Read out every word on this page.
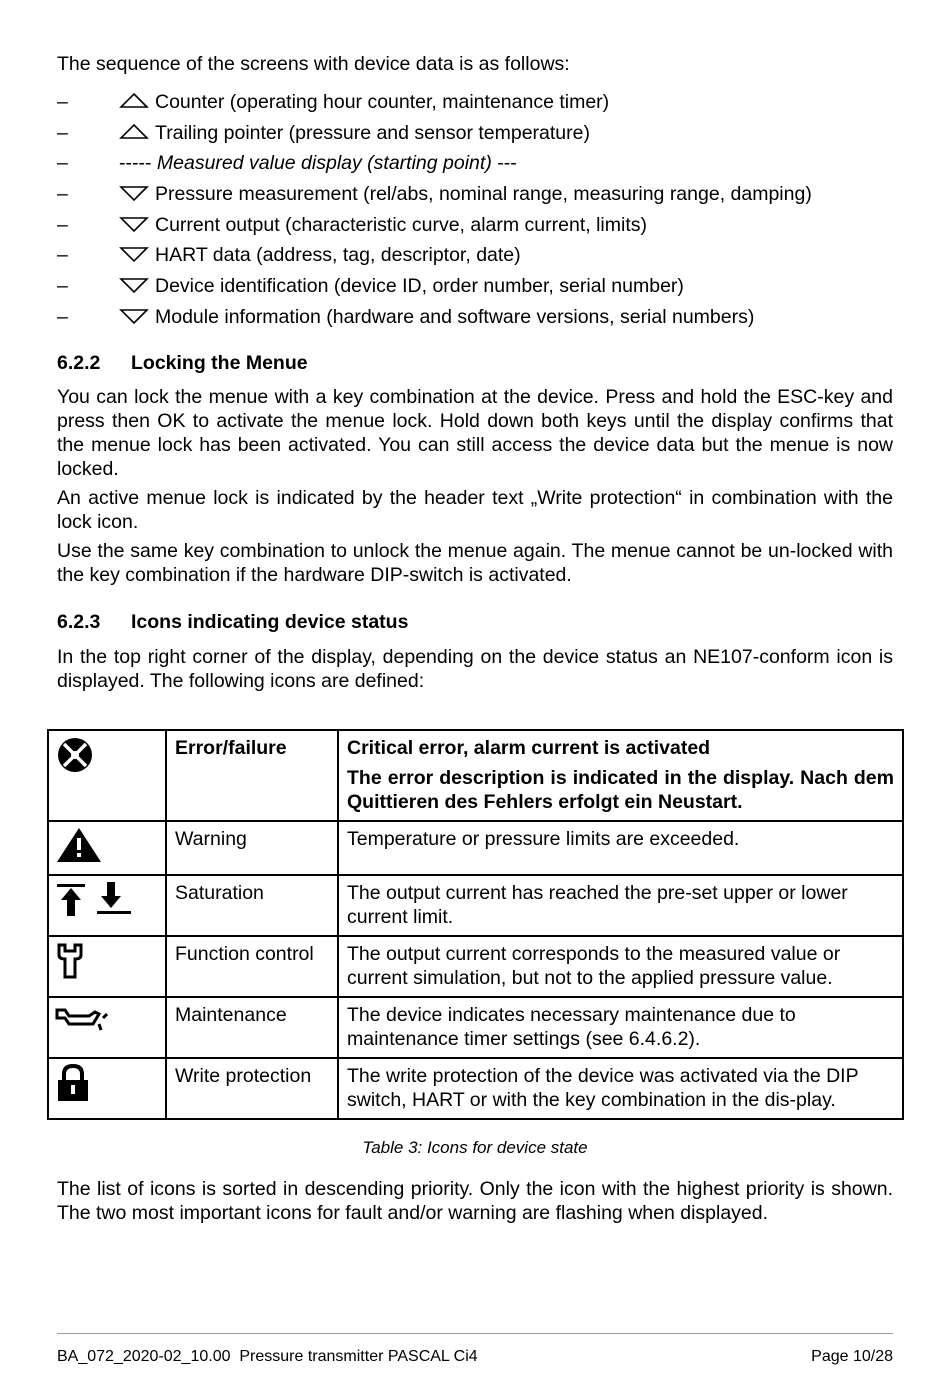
The sequence of the screens with device data is as follows:

–	Counter (operating hour counter, maintenance timer)
–	Trailing pointer (pressure and sensor temperature)
–	----- Measured value display (starting point) ---
–	Pressure measurement (rel/abs, nominal range, measuring range, damping)
–	Current output (characteristic curve, alarm current, limits)
–	HART data (address, tag, descriptor, date)
–	Device identification (device ID, order number, serial number)
–	Module information (hardware and software versions, serial numbers)
6.2.2 Locking the Menue

You can lock the menue with a key combination at the device. Press and hold the ESC-key and press then OK to activate the menue lock. Hold down both keys until the display confirms that the menue lock has been activated. You can still access the device data but the menue is now locked.

An active menue lock is indicated by the header text „Write protection“ in combination with the lock icon.

Use the same key combination to unlock the menue again. The menue cannot be un-locked with the key combination if the hardware DIP-switch is activated.

6.2.3 Icons indicating device status

In the top right corner of the display, depending on the device status an NE107-conform icon is displayed. The following icons are defined:

The list of icons is sorted in descending priority. Only the icon with the highest priority is shown. The two most important icons for fault and/or warning are flashing when displayed.

	Error/failure	Critical error, alarm current is activated
The error description is indicated in the display. Nach dem Quittieren des Fehlers erfolgt ein Neustart.

	Warning	Temperature or pressure limits are exceeded.
	Saturation	The output current has reached the pre-set upper or lower current limit.
	Function control	The output current corresponds to the measured value or current simulation, but not to the applied pressure value.
	Maintenance	The device indicates necessary maintenance due to maintenance timer settings (see 6.4.6.2).
	Write protection	The write protection of the device was activated via the DIP switch, HART or with the key combination in the dis-play.
Table 3: Icons for device state
BA_072_2020-02_10.00  Pressure transmitter PASCAL Ci4	Page 10/28
